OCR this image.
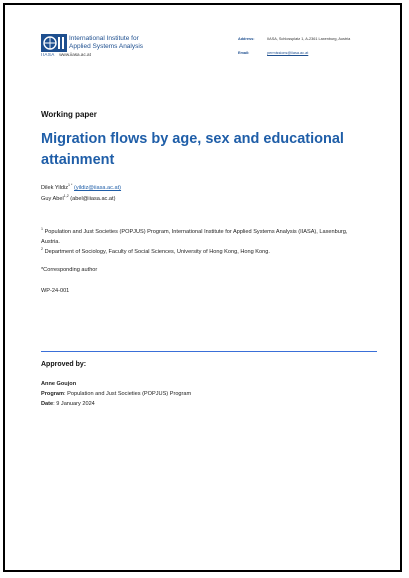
International Institute for
Applied Systems Analysis
IIASA www.iiasa.ac.at
Address:	IIASA, Schlossplatz 1, A-2361 Laxenburg, Austria
Email:	permissions@iiasa.ac.at
Working paper
Migration flows by age, sex and educational attainment
Dilek Yildiz$^{1 *}$ (yildiz@iiasa.ac.at)
Guy Abel$^{1,2}$ (abel@iiasa.ac.at)
$^1$ Population and Just Societies (POPJUS) Program, International Institute for Applied Systems Analysis (IIASA), Laxenburg, Austria.
$^2$ Department of Sociology, Faculty of Social Sciences, University of Hong Kong, Hong Kong.
*Corresponding author
WP-24-001
Approved by:
Anne Goujon
Program: Population and Just Societies (POPJUS) Program
Date: 9 January 2024
